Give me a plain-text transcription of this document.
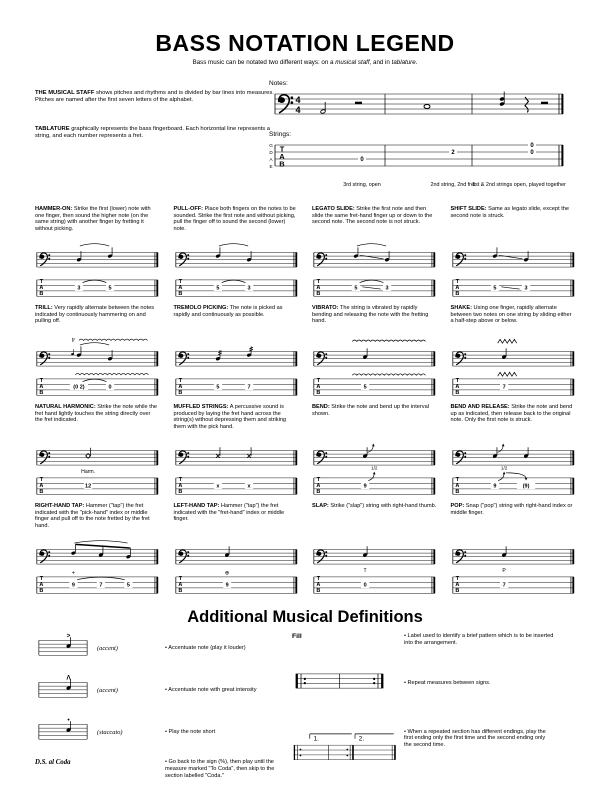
BASS NOTATION LEGEND

Bass music can be notated two different ways: on a musical staff, and in tablature.

THE MUSICAL STAFF shows pitches and rhythms and is divided by bar lines into measures. Pitches are named after the first seven letters of the alphabet.

TABLATURE graphically represents the bass fingerboard. Each horizontal line represents a string, and each number represents a fret.

Notes:
4
4
Strings:
G
D
A
E
T
A
B	0
2
0
0
3rd string, open	2nd string, 2nd fret
1st & 2nd strings open, played together

HAMMER-ON: Strike the first (lower) note with one finger, then sound the higher note (on the same string) with another finger by fretting it without picking.

T
A
B
3	5

PULL-OFF: Place both fingers on the notes to be sounded. Strike the first note and without picking, pull the finger off to sound the second (lower) note.

T
A
B
5	3

LEGATO SLIDE: Strike the first note and then slide the same fret-hand finger up or down to the second note. The second note is not struck.

T
A
B
5	3

SHIFT SLIDE: Same as legato slide, except the second note is struck.

T
A
B
5	3

TRILL: Very rapidly alternate between the notes indicated by continuously hammering on and pulling off.

tr
T
A
B
(0 2)	0

TREMOLO PICKING: The note is picked as rapidly and continuously as possible.

T
A
B
5	7

VIBRATO: The string is vibrated by rapidly bending and releasing the note with the fretting hand.

T
A
B
5

SHAKE: Using one finger, rapidly alternate between two notes on one string by sliding either a half-step above or below.

T
A
B
7

NATURAL HARMONIC: Strike the note while the fret hand lightly touches the string directly over the fret indicated.

T
A
B
12
Harm.

MUFFLED STRINGS: A percussive sound is produced by laying the fret hand across the string(s) without depressing them and striking them with the pick hand.

T
A
B
x	x

BEND: Strike the note and bend up the interval shown.

T
A
B
9
1/2

BEND AND RELEASE: Strike the note and bend up as indicated, then release back to the original note. Only the first note is struck.

T
A
B
9	(9)
1/2

RIGHT-HAND TAP: Hammer ("tap") the fret indicated with the "pick-hand" index or middle finger and pull off to the note fretted by the fret hand.

T
A
B
9	7	5
+

LEFT-HAND TAP: Hammer ("tap") the fret indicated with the "fret-hand" index or middle finger.

T
A
B
9
⊕

SLAP: Strike ("slap") string with right-hand thumb.

T
A
B
0
T

POP: Snap ("pop") string with right-hand index or middle finger.

T
A
B
7
P
Additional Musical Definitions
>
(accent)	• Accentuate note (play it louder)
Λ
(accent)	• Accentuate note with great intensity
•
(staccato)	• Play the note short
D.S. al Coda	• Go back to the sign (%), then play until the measure marked "To Coda", then skip to the section labelled "Coda."
Fill	• Label used to identify a brief pattern which is to be inserted into the arrangement.
• Repeat measures between signs.
1.	2.
• When a repeated section has different endings, play the first ending only the first time and the second ending only the second time.
